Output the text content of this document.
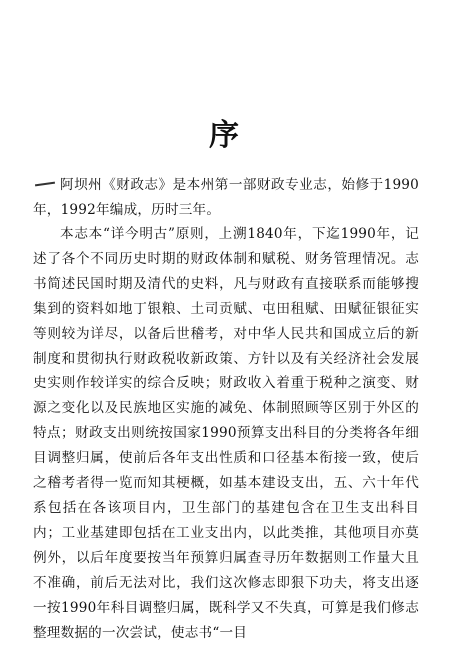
序

阿坝州《财政志》是本州第一部财政专业志，始修于1990年，1992年编成，历时三年。

本志本“详今明古”原则，上溯1840年，下迄1990年，记述了各个不同历史时期的财政体制和赋税、财务管理情况。志书简述民国时期及清代的史料，凡与财政有直接联系而能够搜集到的资料如地丁银粮、土司贡赋、屯田租赋、田赋征银征实等则较为详尽，以备后世稽考，对中华人民共和国成立后的新制度和贯彻执行财政税收新政策、方针以及有关经济社会发展史实则作较详实的综合反映；财政收入着重于税种之演变、财源之变化以及民族地区实施的减免、体制照顾等区别于外区的特点；财政支出则统按国家1990预算支出科目的分类将各年细目调整归属，使前后各年支出性质和口径基本衔接一致，使后之稽考者得一览而知其梗概，如基本建设支出，五、六十年代系包括在各该项目内，卫生部门的基建包含在卫生支出科目内；工业基建即包括在工业支出内，以此类推，其他项目亦莫例外，以后年度要按当年预算归属查寻历年数据则工作量大且不准确，前后无法对比，我们这次修志即狠下功夫，将支出逐一按1990年科目调整归属，既科学又不失真，可算是我们修志整理数据的一次尝试，使志书“一目
